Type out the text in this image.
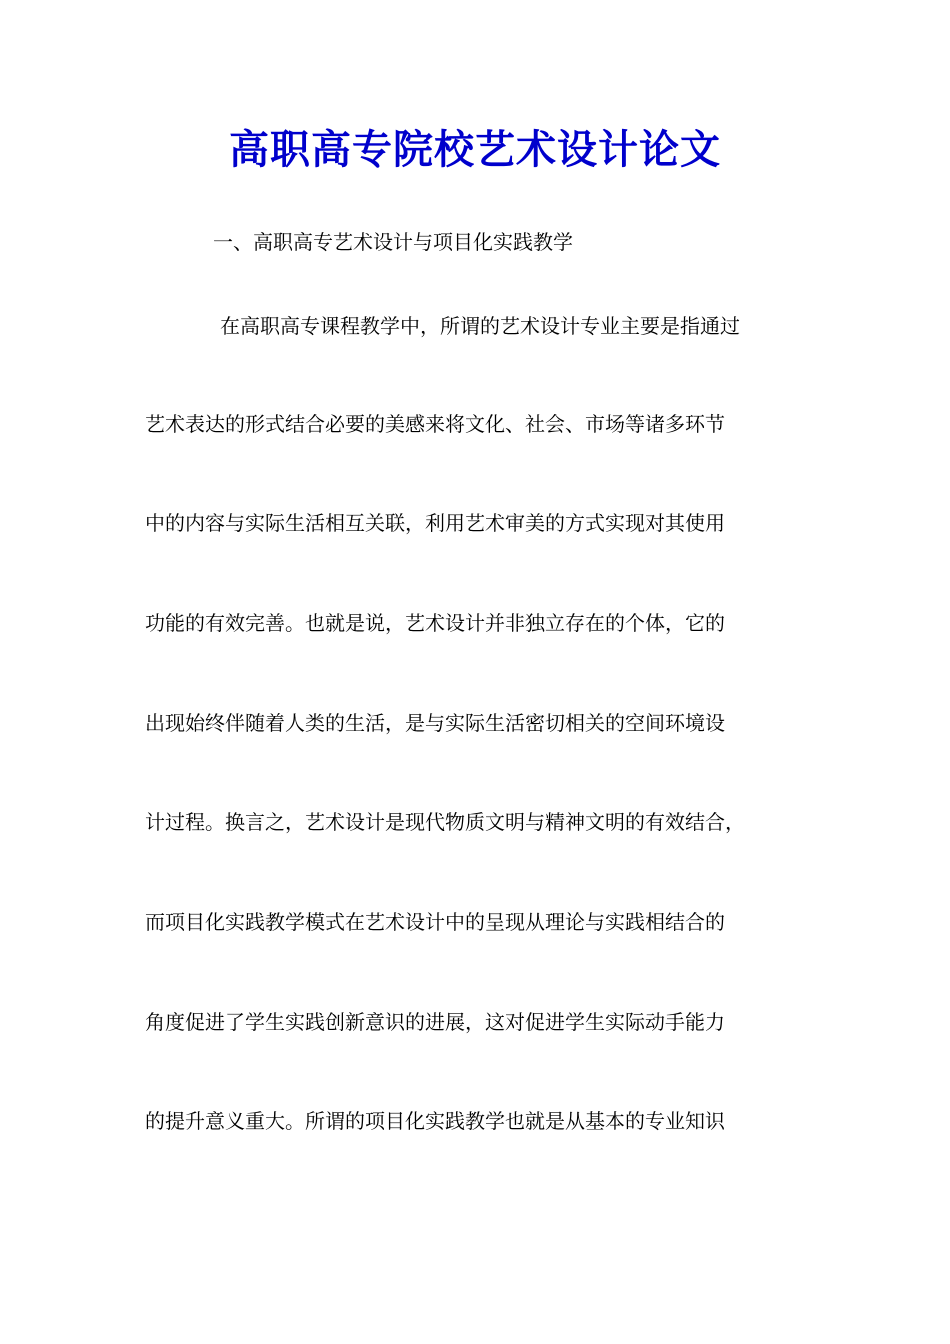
高职高专院校艺术设计论文

一、高职高专艺术设计与项目化实践教学

在高职高专课程教学中，所谓的艺术设计专业主要是指通过

艺术表达的形式结合必要的美感来将文化、社会、市场等诸多环节

中的内容与实际生活相互关联，利用艺术审美的方式实现对其使用

功能的有效完善。也就是说，艺术设计并非独立存在的个体，它的

出现始终伴随着人类的生活，是与实际生活密切相关的空间环境设

计过程。换言之，艺术设计是现代物质文明与精神文明的有效结合，

而项目化实践教学模式在艺术设计中的呈现从理论与实践相结合的

角度促进了学生实践创新意识的进展，这对促进学生实际动手能力

的提升意义重大。所谓的项目化实践教学也就是从基本的专业知识
